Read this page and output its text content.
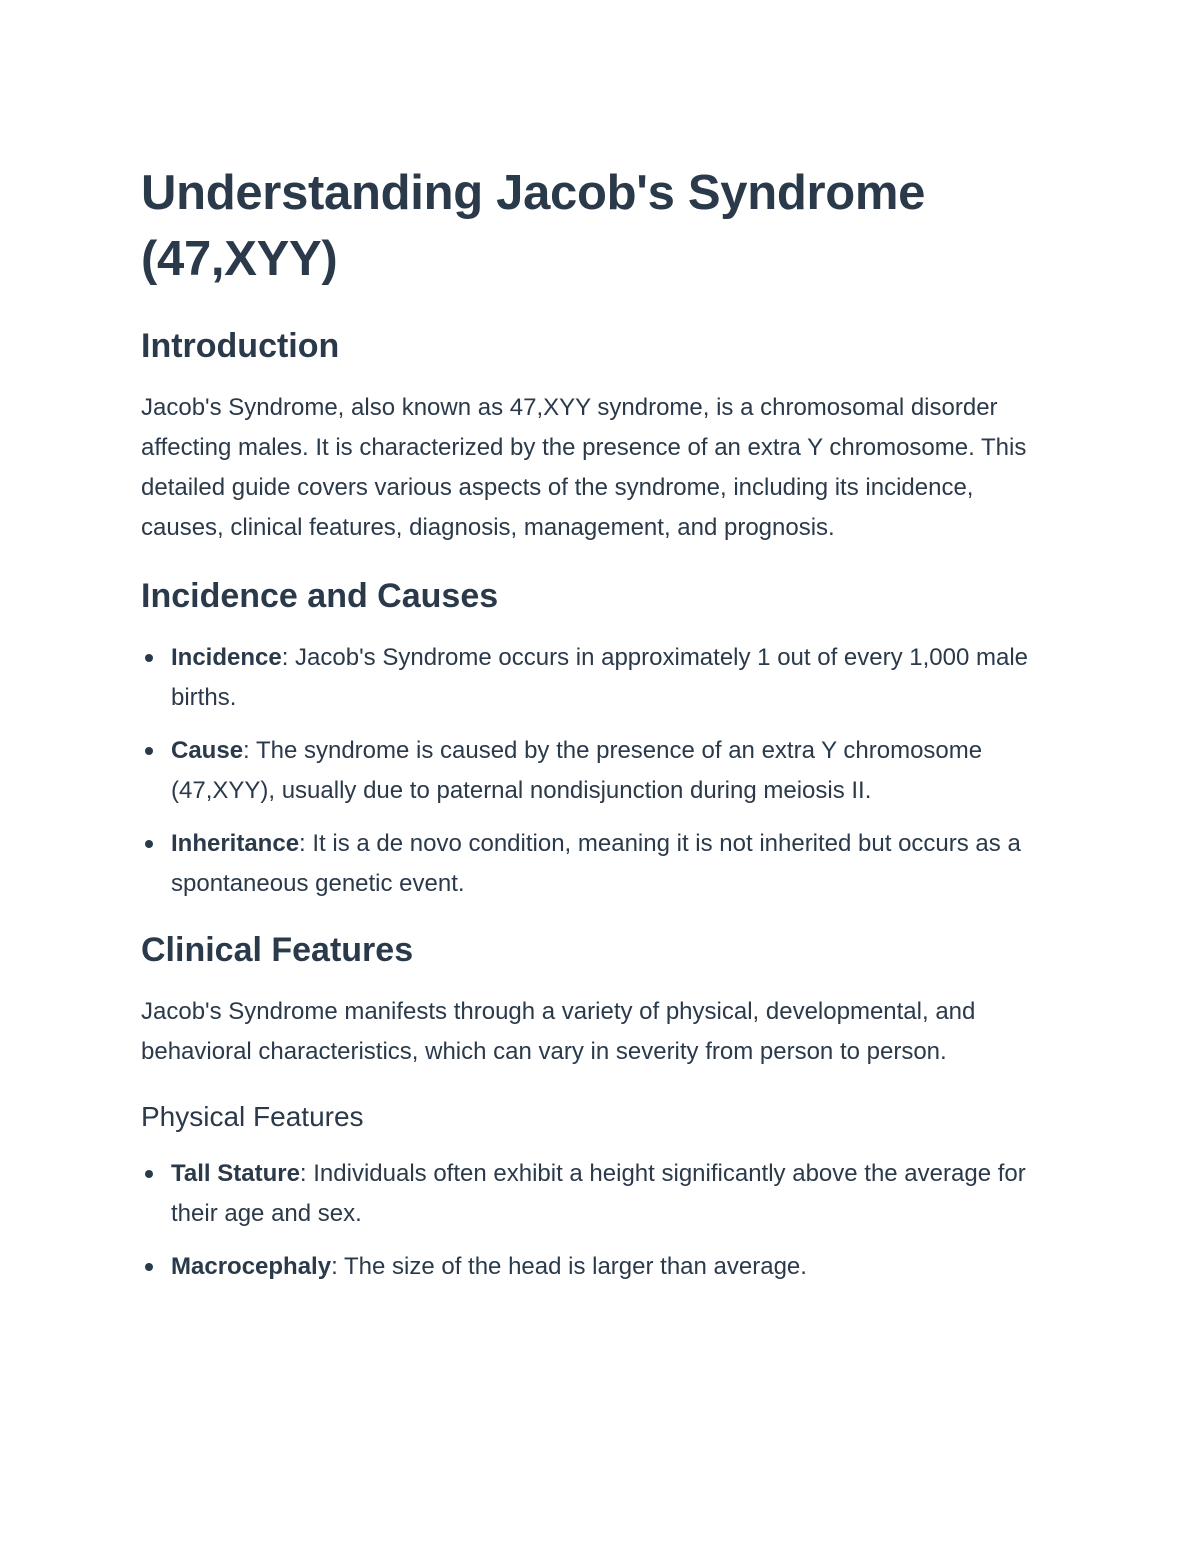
Understanding Jacob's Syndrome (47,XYY)
Introduction

Jacob's Syndrome, also known as 47,XYY syndrome, is a chromosomal disorder affecting males. It is characterized by the presence of an extra Y chromosome. This detailed guide covers various aspects of the syndrome, including its incidence, causes, clinical features, diagnosis, management, and prognosis.

Incidence and Causes
Incidence: Jacob's Syndrome occurs in approximately 1 out of every 1,000 male births.
Cause: The syndrome is caused by the presence of an extra Y chromosome (47,XYY), usually due to paternal nondisjunction during meiosis II.
Inheritance: It is a de novo condition, meaning it is not inherited but occurs as a spontaneous genetic event.
Clinical Features

Jacob's Syndrome manifests through a variety of physical, developmental, and behavioral characteristics, which can vary in severity from person to person.

Physical Features
Tall Stature: Individuals often exhibit a height significantly above the average for their age and sex.
Macrocephaly: The size of the head is larger than average.
